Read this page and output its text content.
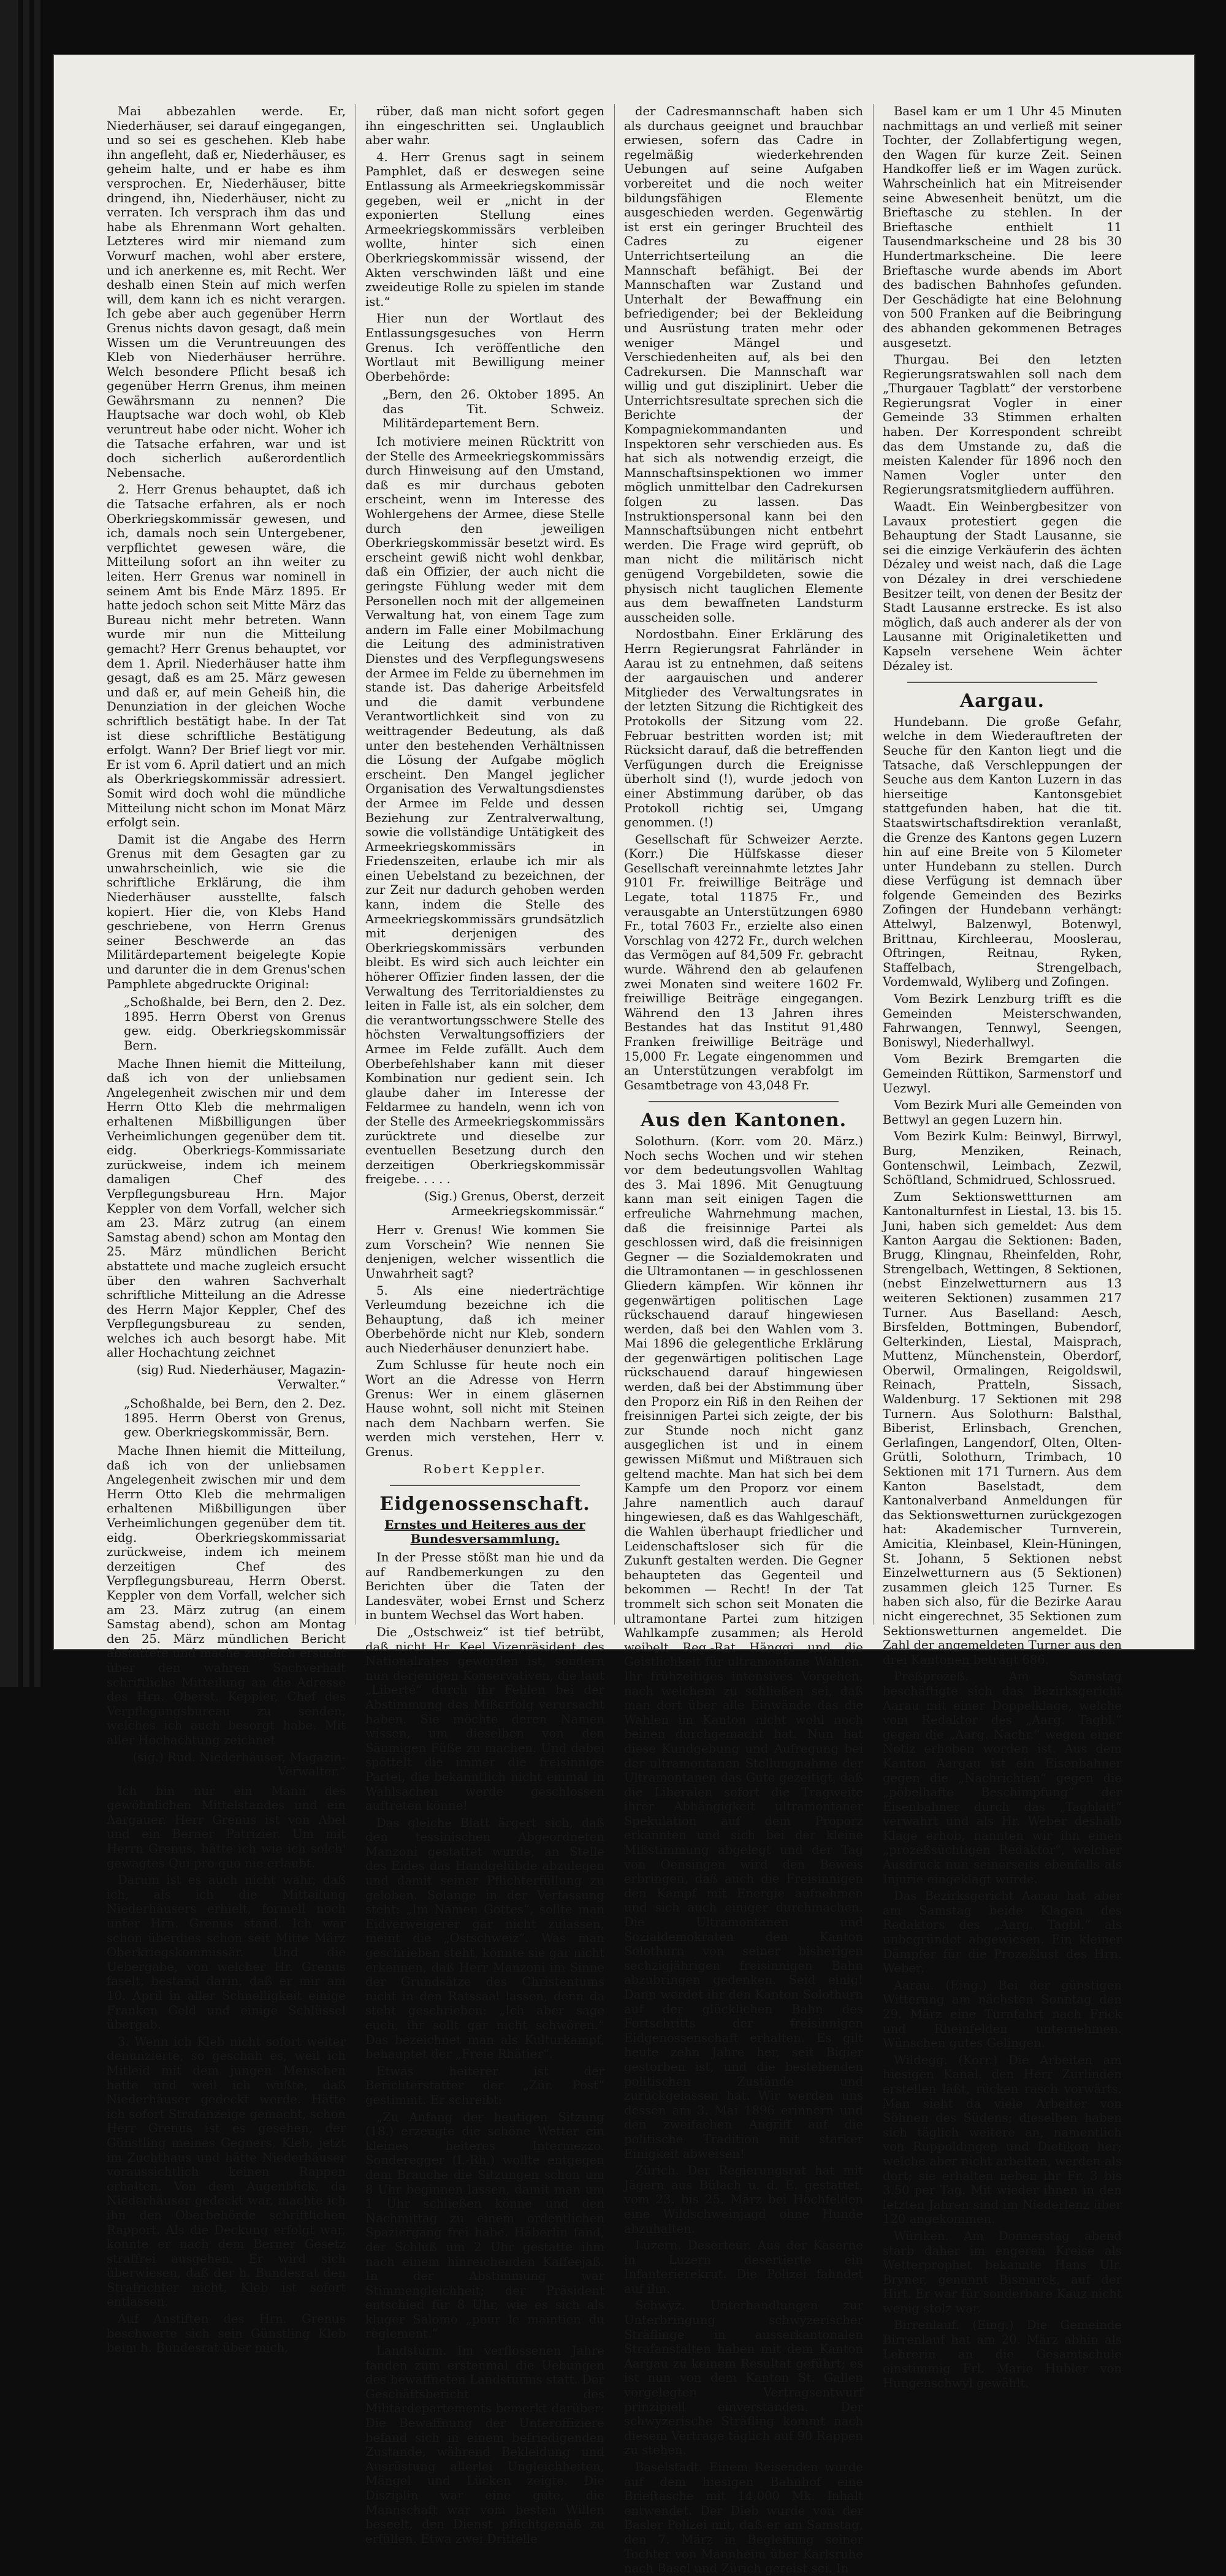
Mai abbezahlen werde. Er, Niederhäuser, sei darauf eingegangen, und so sei es geschehen. Kleb habe ihn angefleht, daß er, Niederhäuser, es geheim halte, und er habe es ihm versprochen. Er, Niederhäuser, bitte dringend, ihn, Niederhäuser, nicht zu verraten. Ich versprach ihm das und habe als Ehrenmann Wort gehalten. Letzteres wird mir niemand zum Vorwurf machen, wohl aber erstere, und ich anerkenne es, mit Recht. Wer deshalb einen Stein auf mich werfen will, dem kann ich es nicht verargen. Ich gebe aber auch gegenüber Herrn Grenus nichts davon gesagt, daß mein Wissen um die Veruntreuungen des Kleb von Niederhäuser herrühre. Welch besondere Pflicht besaß ich gegenüber Herrn Grenus, ihm meinen Gewährsmann zu nennen? Die Hauptsache war doch wohl, ob Kleb veruntreut habe oder nicht. Woher ich die Tatsache erfahren, war und ist doch sicherlich außerordentlich Nebensache.

2. Herr Grenus behauptet, daß ich die Tatsache erfahren, als er noch Oberkriegskommissär gewesen, und ich, damals noch sein Untergebener, verpflichtet gewesen wäre, die Mitteilung sofort an ihn weiter zu leiten. Herr Grenus war nominell in seinem Amt bis Ende März 1895. Er hatte jedoch schon seit Mitte März das Bureau nicht mehr betreten. Wann wurde mir nun die Mitteilung gemacht? Herr Grenus behauptet, vor dem 1. April. Niederhäuser hatte ihm gesagt, daß es am 25. März gewesen und daß er, auf mein Geheiß hin, die Denunziation in der gleichen Woche schriftlich bestätigt habe. In der Tat ist diese schriftliche Bestätigung erfolgt. Wann? Der Brief liegt vor mir. Er ist vom 6. April datiert und an mich als Oberkriegskommissär adressiert. Somit wird doch wohl die mündliche Mitteilung nicht schon im Monat März erfolgt sein.

Damit ist die Angabe des Herrn Grenus mit dem Gesagten gar zu unwahrscheinlich, wie sie die schriftliche Erklärung, die ihm Niederhäuser ausstellte, falsch kopiert. Hier die, von Klebs Hand geschriebene, von Herrn Grenus seiner Beschwerde an das Militärdepartement beigelegte Kopie und darunter die in dem Grenus'schen Pamphlete abgedruckte Original:

„Schoßhalde, bei Bern, den 2. Dez. 1895. Herrn Oberst von Grenus gew. eidg. Oberkriegskommissär Bern.

Mache Ihnen hiemit die Mitteilung, daß ich von der unliebsamen Angelegenheit zwischen mir und dem Herrn Otto Kleb die mehrmaligen erhaltenen Mißbilligungen über Verheimlichungen gegenüber dem tit. eidg. Oberkriegs-Kommissariate zurückweise, indem ich meinem damaligen Chef des Verpflegungsbureau Hrn. Major Keppler von dem Vorfall, welcher sich am 23. März zutrug (an einem Samstag abend) schon am Montag den 25. März mündlichen Bericht abstattete und mache zugleich ersucht über den wahren Sachverhalt schriftliche Mitteilung an die Adresse des Herrn Major Keppler, Chef des Verpflegungsbureau zu senden, welches ich auch besorgt habe. Mit aller Hochachtung zeichnet

(sig) Rud. Niederhäuser, Magazin-Verwalter.“

„Schoßhalde, bei Bern, den 2. Dez. 1895. Herrn Oberst von Grenus, gew. Oberkriegskommissär, Bern.

Mache Ihnen hiemit die Mitteilung, daß ich von der unliebsamen Angelegenheit zwischen mir und dem Herrn Otto Kleb die mehrmaligen erhaltenen Mißbilligungen über Verheimlichungen gegenüber dem tit. eidg. Oberkriegskommissariat zurückweise, indem ich meinem derzeitigen Chef des Verpflegungsbureau, Herrn Oberst. Keppler von dem Vorfall, welcher sich am 23. März zutrug (an einem Samstag abend), schon am Montag den 25. März mündlichen Bericht abstattete und mache zugleich ersucht über den wahren Sachverhalt schriftliche Mitteilung an die Adresse des Hrn. Oberst. Keppler, Chef des Verpflegungsbureau zu senden, welches ich auch besorgt habe. Mit aller Hochachtung zeichnet

(sig.) Rud. Niederhäuser, Magazin-Verwalter.“

Ich bin nur ein Mann des gewöhnlichen Mittelstandes und ein Aargauer. Herr Grenus ist von Abel und ein Berner Patrizier. Um mit Herrn Grenus, hätte ich wie ich solch' gewagtes Qui pro quo nie erlaubt.

Darum ist es auch nicht wahr, daß ich, als ich die Mitteilung Niederhäusers erhielt, formell noch unter Hrn. Grenus stand. Ich war schon überdies schon seit Mitte März Oberkriegskommissär. Und die Uebergabe, von welcher Hr. Grenus faselt, bestand darin, daß er mir am 10. April in aller Schnelligkeit einige Franken Geld und einige Schlüssel übergab.

3. Wenn ich Kleb nicht sofort weiter denunzierte, so geschah es, weil ich Mitleid mit dem jungen Menschen hatte und weil ich wußte, daß Niederhäuser gedeckt werde. Hätte ich sofort Strafanzeige gemacht, schon Herr Grenus ist es gesehen, der Günstling meines Gegners, Kleb, jetzt im Zuchthaus und hätte Niederhäuser voraussichtlich keinen Rappen erhalten. Von dem Augenblick, da Niederhäuser gedeckt war, machte ich ihn den Oberbehörde schriftlichen Rapport. Als die Deckung erfolgt war, konnte er nach dem Berner Gesetz straffrei ausgehen. Er wird sich überwiesen, daß der h. Bundesrat den Strafrichter nicht, Kleb ist sofort entlassen.

Auf Anstiften des Hrn. Grenus beschwerte sich sein Günstling Kleb beim h. Bundesrat über mich,

rüber, daß man nicht sofort gegen ihn eingeschritten sei. Unglaublich aber wahr.

4. Herr Grenus sagt in seinem Pamphlet, daß er deswegen seine Entlassung als Armeekriegskommissär gegeben, weil er „nicht in der exponierten Stellung eines Armeekriegskommissärs verbleiben wollte, hinter sich einen Oberkriegskommissär wissend, der Akten verschwinden läßt und eine zweideutige Rolle zu spielen im stande ist.“

Hier nun der Wortlaut des Entlassungsgesuches von Herrn Grenus. Ich veröffentliche den Wortlaut mit Bewilligung meiner Oberbehörde:

„Bern, den 26. Oktober 1895. An das Tit. Schweiz. Militärdepartement Bern.

Ich motiviere meinen Rücktritt von der Stelle des Armeekriegskommissärs durch Hinweisung auf den Umstand, daß es mir durchaus geboten erscheint, wenn im Interesse des Wohlergehens der Armee, diese Stelle durch den jeweiligen Oberkriegskommissär besetzt wird. Es erscheint gewiß nicht wohl denkbar, daß ein Offizier, der auch nicht die geringste Fühlung weder mit dem Personellen noch mit der allgemeinen Verwaltung hat, von einem Tage zum andern im Falle einer Mobilmachung die Leitung des administrativen Dienstes und des Verpflegungswesens der Armee im Felde zu übernehmen im stande ist. Das daherige Arbeitsfeld und die damit verbundene Verantwortlichkeit sind von zu weittragender Bedeutung, als daß unter den bestehenden Verhältnissen die Lösung der Aufgabe möglich erscheint. Den Mangel jeglicher Organisation des Verwaltungsdienstes der Armee im Felde und dessen Beziehung zur Zentralverwaltung, sowie die vollständige Untätigkeit des Armeekriegskommissärs in Friedenszeiten, erlaube ich mir als einen Uebelstand zu bezeichnen, der zur Zeit nur dadurch gehoben werden kann, indem die Stelle des Armeekriegskommissärs grundsätzlich mit derjenigen des Oberkriegskommissärs verbunden bleibt. Es wird sich auch leichter ein höherer Offizier finden lassen, der die Verwaltung des Territorialdienstes zu leiten in Falle ist, als ein solcher, dem die verantwortungsschwere Stelle des höchsten Verwaltungsoffiziers der Armee im Felde zufällt. Auch dem Oberbefehlshaber kann mit dieser Kombination nur gedient sein. Ich glaube daher im Interesse der Feldarmee zu handeln, wenn ich von der Stelle des Armeekriegskommissärs zurücktrete und dieselbe zur eventuellen Besetzung durch den derzeitigen Oberkriegskommissär freigebe. . . . .

(Sig.) Grenus, Oberst, derzeit Armeekriegskommissär.“

Herr v. Grenus! Wie kommen Sie zum Vorschein? Wie nennen Sie denjenigen, welcher wissentlich die Unwahrheit sagt?

5. Als eine niederträchtige Verleumdung bezeichne ich die Behauptung, daß ich meiner Oberbehörde nicht nur Kleb, sondern auch Niederhäuser denunziert habe.

Zum Schlusse für heute noch ein Wort an die Adresse von Herrn Grenus: Wer in einem gläsernen Hause wohnt, soll nicht mit Steinen nach dem Nachbarn werfen. Sie werden mich verstehen, Herr v. Grenus.

Robert Keppler.

Eidgenossenschaft.
Ernstes und Heiteres aus der Bundesversammlung.

In der Presse stößt man hie und da auf Randbemerkungen zu den Berichten über die Taten der Landesväter, wobei Ernst und Scherz in buntem Wechsel das Wort haben.

Die „Ostschweiz“ ist tief betrübt, daß nicht Hr. Keel Vizepräsident des Nationalrates geworden ist, sondern nun derjenigen Konservativen, die laut „Liberté“ durch ihr Fehlen bei der Abstimmung des Mißerfolg verursacht haben. Sie möchte deren Namen wissen, um dieselben von den Säumigen Füße zu machen. Und dabei spöttelt die immer die freisinnige Partei, die bekanntlich nicht einmal in Wahlsachen werde geschlossen auftreten könne!

Das gleiche Blatt ärgert sich, daß den tessinischen Abgeordneten Manzoni gestattet wurde, an Stelle des Eides das Handgelübde abzulegen und damit seiner Pflichterfüllung zu geloben. Solange in der Verfassung steht: „Im Namen Gottes“, sollte man Eidverweigerer gar nicht zulassen, meint die „Ostschweiz“. Was man geschrieben steht, könnte sie gar nicht erkennen, daß Herr Manzoni im Sinne der Grundsätze des Christentums nicht in den Ratssaal lassen, denn da steht geschrieben: „Ich aber sage euch, ihr sollt gar nicht schwören.“ Das bezeichnet man als Kulturkampf, behauptet der „Freie Rhätier“.

Etwas heiterer ist der Berichterstatter der „Zür. Post“ gestimmt. Er schreibt:

„Zu Anfang der heutigen Sitzung (18.) erzeugte die schöne Wetter ein kleines heiteres Intermezzo. Sonderegger (I.-Rh.) wollte entgegen dem Brauche die Sitzungen schon um 8 Uhr beginnen lassen, damit man um 1 Uhr schließen könne und den Nachmittag zu einem ordentlichen Spaziergang frei habe. Häberlin fand, der Schluß um 2 Uhr gestatte ihm nach einem hinreichenden Kaffeejaß. In der Abstimmung war Stimmengleichheit; der Präsident entschied für 8 Uhr, wie es sich als kluger Salomo „pour le maintien du règlement.“

Landsturm. Im verflossenen Jahre fanden zum erstenmal die Uebungen des bewaffneten Landsturms statt. Der Geschäftsbericht des Militärdepartements bemerkt darüber: Die Bewaffnung der Unteroffiziere befand sich in einem befriedigenden Zustande, während Bekleidung und Ausrüstung allerlei Ungleichheiten, Mängel und Lücken zeigte. Die Disziplin war eine gute, die Mannschaft war vom besten Willen beseelt, den Dienst pflichtgemäß zu erfüllen. Etwa zwei Drittelle

der Cadresmannschaft haben sich als durchaus geeignet und brauchbar erwiesen, sofern das Cadre in regelmäßig wiederkehrenden Uebungen auf seine Aufgaben vorbereitet und die noch weiter bildungsfähigen Elemente ausgeschieden werden. Gegenwärtig ist erst ein geringer Bruchteil des Cadres zu eigener Unterrichtserteilung an die Mannschaft befähigt. Bei der Mannschaften war Zustand und Unterhalt der Bewaffnung ein befriedigender; bei der Bekleidung und Ausrüstung traten mehr oder weniger Mängel und Verschiedenheiten auf, als bei den Cadrekursen. Die Mannschaft war willig und gut disziplinirt. Ueber die Unterrichtsresultate sprechen sich die Berichte der Kompagniekommandanten und Inspektoren sehr verschieden aus. Es hat sich als notwendig erzeigt, die Mannschaftsinspektionen wo immer möglich unmittelbar den Cadrekursen folgen zu lassen. Das Instruktionspersonal kann bei den Mannschaftsübungen nicht entbehrt werden. Die Frage wird geprüft, ob man nicht die militärisch nicht genügend Vorgebildeten, sowie die physisch nicht tauglichen Elemente aus dem bewaffneten Landsturm ausscheiden solle.

Nordostbahn. Einer Erklärung des Herrn Regierungsrat Fahrländer in Aarau ist zu entnehmen, daß seitens der aargauischen und anderer Mitglieder des Verwaltungsrates in der letzten Sitzung die Richtigkeit des Protokolls der Sitzung vom 22. Februar bestritten worden ist; mit Rücksicht darauf, daß die betreffenden Verfügungen durch die Ereignisse überholt sind (!), wurde jedoch von einer Abstimmung darüber, ob das Protokoll richtig sei, Umgang genommen. (!)

Gesellschaft für Schweizer Aerzte. (Korr.) Die Hülfskasse dieser Gesellschaft vereinnahmte letztes Jahr 9101 Fr. freiwillige Beiträge und Legate, total 11875 Fr., und verausgabte an Unterstützungen 6980 Fr., total 7603 Fr., erzielte also einen Vorschlag von 4272 Fr., durch welchen das Vermögen auf 84,509 Fr. gebracht wurde. Während den ab gelaufenen zwei Monaten sind weitere 1602 Fr. freiwillige Beiträge eingegangen. Während den 13 Jahren ihres Bestandes hat das Institut 91,480 Franken freiwillige Beiträge und 15,000 Fr. Legate eingenommen und an Unterstützungen verabfolgt im Gesamtbetrage von 43,048 Fr.

Aus den Kantonen.

Solothurn. (Korr. vom 20. März.) Noch sechs Wochen und wir stehen vor dem bedeutungsvollen Wahltag des 3. Mai 1896. Mit Genugtuung kann man seit einigen Tagen die erfreuliche Wahrnehmung machen, daß die freisinnige Partei als geschlossen wird, daß die freisinnigen Gegner — die Sozialdemokraten und die Ultramontanen — in geschlossenen Gliedern kämpfen. Wir können ihr gegenwärtigen politischen Lage rückschauend darauf hingewiesen werden, daß bei den Wahlen vom 3. Mai 1896 die gelegentliche Erklärung der gegenwärtigen politischen Lage rückschauend darauf hingewiesen werden, daß bei der Abstimmung über den Proporz ein Riß in den Reihen der freisinnigen Partei sich zeigte, der bis zur Stunde noch nicht ganz ausgeglichen ist und in einem gewissen Mißmut und Mißtrauen sich geltend machte. Man hat sich bei dem Kampfe um den Proporz vor einem Jahre namentlich auch darauf hingewiesen, daß es das Wahlgeschäft, die Wahlen überhaupt friedlicher und Leidenschaftsloser sich für die Zukunft gestalten werden. Die Gegner behaupteten das Gegenteil und bekommen — Recht! In der Tat trommelt sich schon seit Monaten die ultramontane Partei zum hitzigen Wahlkampfe zusammen; als Herold weibelt Reg.-Rat Hänggi und die Geistlichkeit für ultramontane Wahlen. Ihr frühzeitiges intensives Vorgehen, nach welchem zu schließen sei, daß man dort über alle Einwände das die Wahlen im Kanton nicht wohl noch beinen durchgemacht hat. Nun hat diese Kundgebung und Aufregung bei der ultramontanen Stellungnahme der Ultramontanen das Gute gezeitigt, daß die Liberalen sofort die Tragweite ihrer Abhängigkeit ultramontaner Spekulation auf dem Proporz erkannten und sich bei der kleine Mißstimmung abgelegt und der Tag von Oensingen wird den Beweis erbringen, daß auch die Freisinnigen den Kampf mit Energie aufnehmen und sich auch einiger durchmachen. Die Ultramontanen und Sozialdemokraten den Kanton Solothurn von seiner bisherigen sechzigjährigen freisinnigen Bahn abzubringen gedenken. Seid einig! Dann werdet ihr den Kanton Solothurn auf der glücklichen Bahn des Fortschritts der freisinnigen Eidgenossenschaft erhalten. Es gilt heute zehn Jahre her, seit Bigier gestorben ist, und die bestehenden politischen Zustände und zurückgelassen hat. Wir werden uns dessen am 3. Mai 1896 erinnern und den zweifachen Angriff auf die politische Tradition mit starker Einigkeit abweisen!

Zürich. Der Regierungsrat hat mit Jägern aus Bülach u. d. E. gestattet, vom 23. bis 25. März bei Höchfelden eine Wildschweinjagd ohne Hunde abzuhalten.

Luzern. Deserteur. Aus der Kaserne in Luzern desertierte ein Infanterierekrut. Die Polizei fahndet auf ihn.

Schwyz. Unterhandlungen zur Unterbringung schwyzerischer Sträflinge in ausserkantonalen Strafanstalten haben mit dem Kanton Aargau zu keinem Resultat geführt; es ist nun von dem Kanton St. Gallen vorgelegten Vertragsentwurf prinzipiell einverstanden. Der schwyzerische Sträfling kommt nach diesem Vertrage täglich auf 90 Rappen zu stehen.

Baselstadt. Einem Reisenden wurde auf dem hiesigen Bahnhof eine Brieftasche mit 14,000 Mk. Inhalt entwendet. Der Dieb wurde von der Basler Polizei mit, daß er am Samstag, den 7. März in Begleitung seiner Tochter von Mannheim über Karlsruhe nach Basel und Zürich gereist sei. In

Basel kam er um 1 Uhr 45 Minuten nachmittags an und verließ mit seiner Tochter, der Zollabfertigung wegen, den Wagen für kurze Zeit. Seinen Handkoffer ließ er im Wagen zurück. Wahrscheinlich hat ein Mitreisender seine Abwesenheit benützt, um die Brieftasche zu stehlen. In der Brieftasche enthielt 11 Tausendmarkscheine und 28 bis 30 Hundertmarkscheine. Die leere Brieftasche wurde abends im Abort des badischen Bahnhofes gefunden. Der Geschädigte hat eine Belohnung von 500 Franken auf die Beibringung des abhanden gekommenen Betrages ausgesetzt.

Thurgau. Bei den letzten Regierungsratswahlen soll nach dem „Thurgauer Tagblatt“ der verstorbene Regierungsrat Vogler in einer Gemeinde 33 Stimmen erhalten haben. Der Korrespondent schreibt das dem Umstande zu, daß die meisten Kalender für 1896 noch den Namen Vogler unter den Regierungsratsmitgliedern aufführen.

Waadt. Ein Weinbergbesitzer von Lavaux protestiert gegen die Behauptung der Stadt Lausanne, sie sei die einzige Verkäuferin des ächten Dézaley und weist nach, daß die Lage von Dézaley in drei verschiedene Besitzer teilt, von denen der Besitz der Stadt Lausanne erstrecke. Es ist also möglich, daß auch anderer als der von Lausanne mit Originaletiketten und Kapseln versehene Wein ächter Dézaley ist.

Aargau.

Hundebann. Die große Gefahr, welche in dem Wiederauftreten der Seuche für den Kanton liegt und die Tatsache, daß Verschleppungen der Seuche aus dem Kanton Luzern in das hierseitige Kantonsgebiet stattgefunden haben, hat die tit. Staatswirtschaftsdirektion veranlaßt, die Grenze des Kantons gegen Luzern hin auf eine Breite von 5 Kilometer unter Hundebann zu stellen. Durch diese Verfügung ist demnach über folgende Gemeinden des Bezirks Zofingen der Hundebann verhängt: Attelwyl, Balzenwyl, Botenwyl, Brittnau, Kirchleerau, Mooslerau, Oftringen, Reitnau, Ryken, Staffelbach, Strengelbach, Vordemwald, Wyliberg und Zofingen.

Vom Bezirk Lenzburg trifft es die Gemeinden Meisterschwanden, Fahrwangen, Tennwyl, Seengen, Boniswyl, Niederhallwyl.

Vom Bezirk Bremgarten die Gemeinden Rüttikon, Sarmenstorf und Uezwyl.

Vom Bezirk Muri alle Gemeinden von Bettwyl an gegen Luzern hin.

Vom Bezirk Kulm: Beinwyl, Birrwyl, Burg, Menziken, Reinach, Gontenschwil, Leimbach, Zezwil, Schöftland, Schmidrued, Schlossrued.

Zum Sektionswettturnen am Kantonalturnfest in Liestal, 13. bis 15. Juni, haben sich gemeldet: Aus dem Kanton Aargau die Sektionen: Baden, Brugg, Klingnau, Rheinfelden, Rohr, Strengelbach, Wettingen, 8 Sektionen, (nebst Einzelwetturnern aus 13 weiteren Sektionen) zusammen 217 Turner. Aus Baselland: Aesch, Birsfelden, Bottmingen, Bubendorf, Gelterkinden, Liestal, Maisprach, Muttenz, Münchenstein, Oberdorf, Oberwil, Ormalingen, Reigoldswil, Reinach, Pratteln, Sissach, Waldenburg. 17 Sektionen mit 298 Turnern. Aus Solothurn: Balsthal, Biberist, Erlinsbach, Grenchen, Gerlafingen, Langendorf, Olten, Olten-Grütli, Solothurn, Trimbach, 10 Sektionen mit 171 Turnern. Aus dem Kanton Baselstadt, dem Kantonalverband Anmeldungen für das Sektionswetturnen zurückgezogen hat: Akademischer Turnverein, Amicitia, Kleinbasel, Klein-Hüningen, St. Johann, 5 Sektionen nebst Einzelwetturnern aus (5 Sektionen) zusammen gleich 125 Turner. Es haben sich also, für die Bezirke Aarau nicht eingerechnet, 35 Sektionen zum Sektionswetturnen angemeldet. Die Zahl der angemeldeten Turner aus den drei Kantonen beträgt 686.

Preßprozeß. Am Samstag beschäftigte sich das Bezirksgericht Aarau mit einer Doppelklage, welche vom Redaktor des „Aarg. Tagbl.“ gegen die „Aarg. Nachr.“ wegen einer Notiz erhoben worden ist. Aus dem Kanton Aargau ist ein Eisenbahner gegen die „Nachrichten“ gegen die „pöbelhafte Beschimpfung“ der Eisenbahner durch das „Tagblatt“ verwahrt und als Hr. Weber deshalb Klage erhob, nannten wir ihn einen „prozeßsüchtigen Redaktor“, welcher Ausdruck nun seinerseits ebenfalls als Injurie eingeklagt wurde.

Das Bezirksgericht Aarau hat aber am Samstag beide Klagen des Redaktors des „Aarg. Tagbl.“ als unbegründet abgewiesen. Ein kleiner Dämpfer für die Prozeßlust des Hrn. Weber.

Aarau. (Eing.) Bei der günstigen Witterung am nächsten Sonntag den 29. März eine Turnfahrt nach Frick und Rheinfelden unternehmen. Wünschen gutes Gelingen.

Wildegg. (Korr.) Die Arbeiten am hiesigen Kanal, den Herr Zurlinden erstellen läßt, rücken rasch vorwärts. Man sieht da viele Arbeiter von Söhnen des Südens; dieselben haben sich täglich weitere an, namentlich von Ruppoldingen und Dietikon her; welche aber nicht arbeiten, werden als dort; sie erhalten neben ihr Fr. 3 bis 3.50 per Tag. Mit wieder ihnen in den letzten Jahren sind im Niederlenz über 120 angekommen.

Würiken. Am Donnerstag abend starb daher im engeren Kreise als Wetterprophet bekannte Hans Ulr. Bryner, genannt Bismarck, auf der Hirt. Er war für sonderbare Kauz nicht wenig stolz war.

Birrenlauf. (Eing.) Die Gemeinde Birrenlauf hat am 20. März abhin als Lehrerin an die Gesamtschule einstimmig Frl. Marie Hubler von Hungenschwyl gewählt.
